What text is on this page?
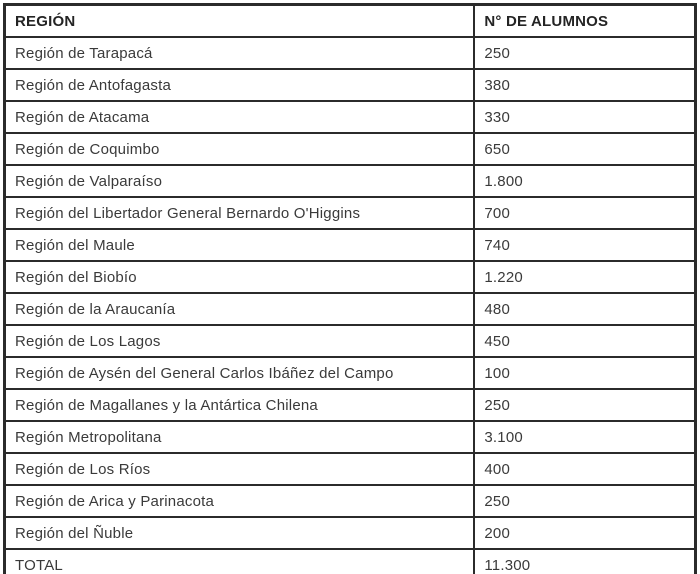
REGIÓN	N° DE ALUMNOS
Región de Tarapacá	250
Región de Antofagasta	380
Región de Atacama	330
Región de Coquimbo	650
Región de Valparaíso	1.800
Región del Libertador General Bernardo O'Higgins	700
Región del Maule	740
Región del Biobío	1.220
Región de la Araucanía	480
Región de Los Lagos	450
Región de Aysén del General Carlos Ibáñez del Campo	100
Región de Magallanes y la Antártica Chilena	250
Región Metropolitana	3.100
Región de Los Ríos	400
Región de Arica y Parinacota	250
Región del Ñuble	200
TOTAL	11.300
